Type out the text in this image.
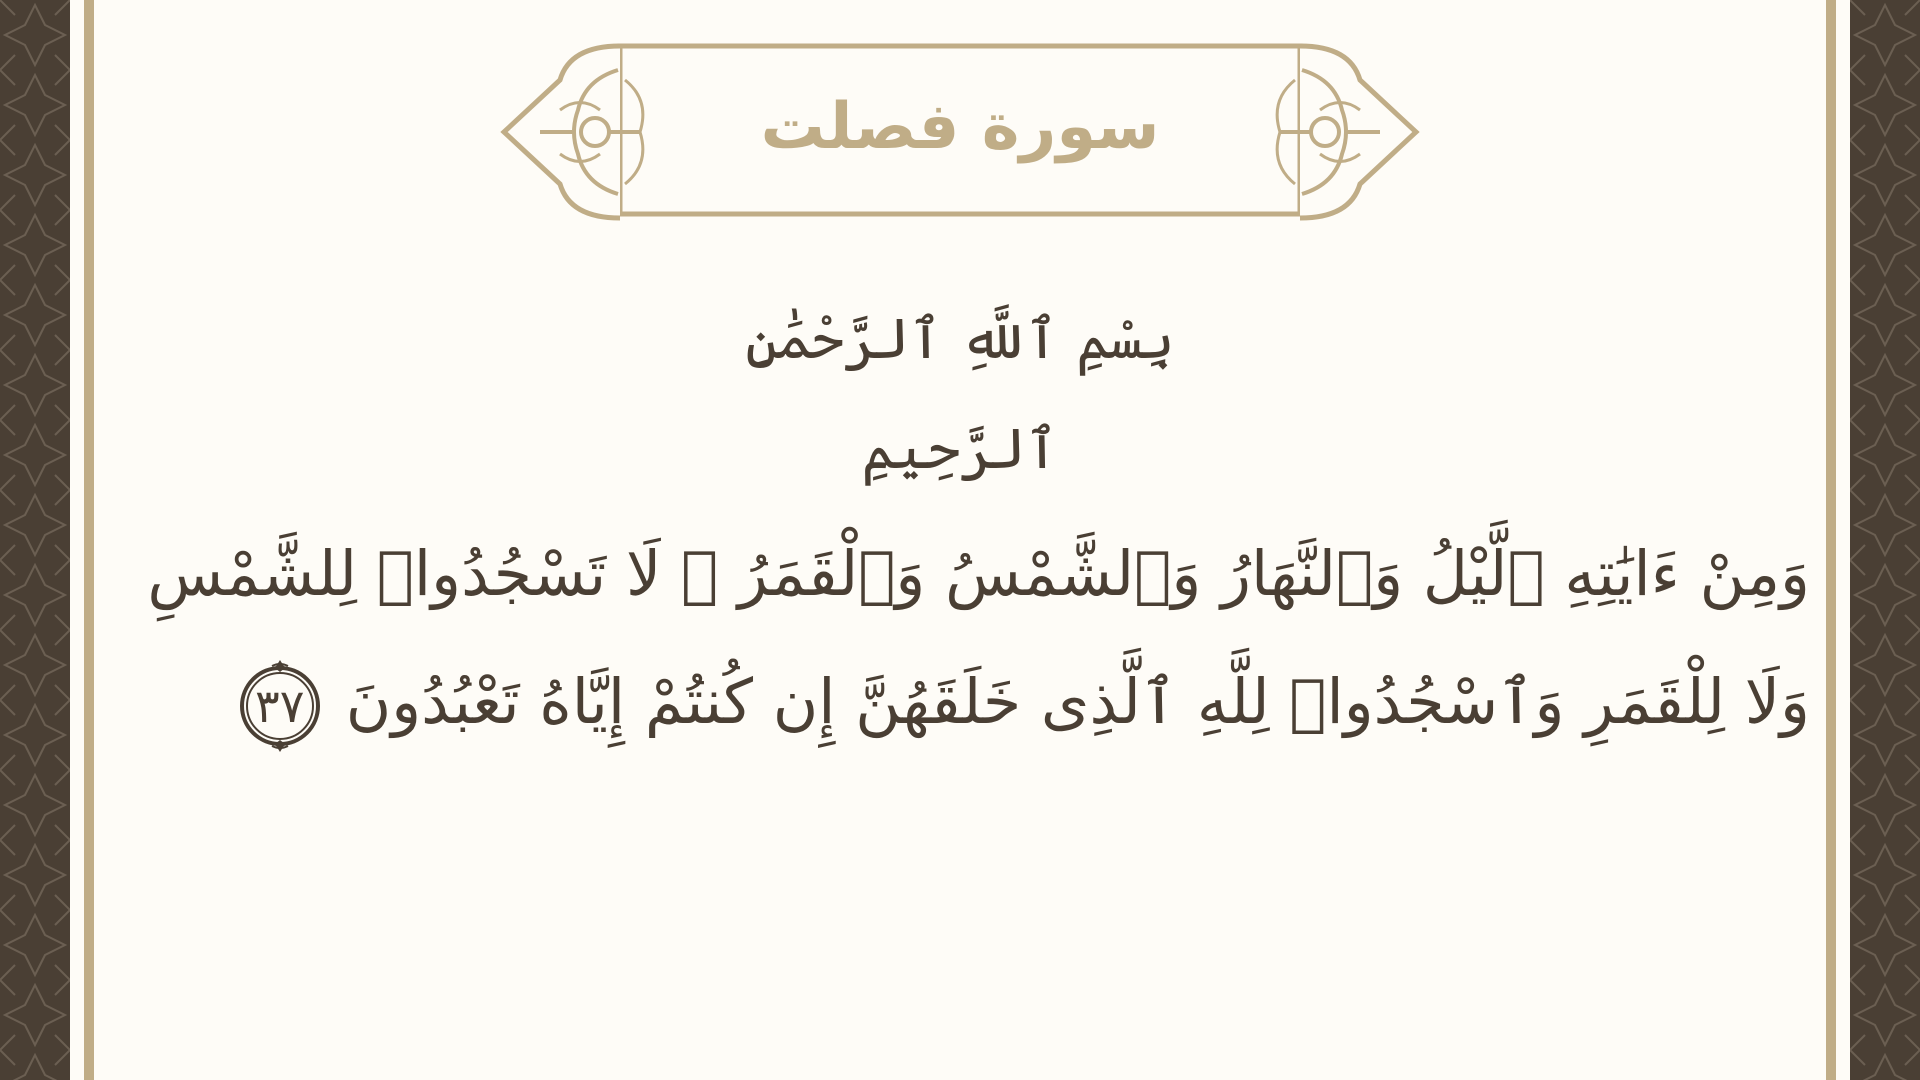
سورة فصلت
بِسْمِ ٱللَّهِ ٱلرَّحْمَٰنِ ٱلرَّحِيمِ
وَمِنْ ءَايَٰتِهِ ٱلَّيْلُ وَٱلنَّهَارُ وَٱلشَّمْسُ وَٱلْقَمَرُ ۚ لَا تَسْجُدُوا۟ لِلشَّمْسِ
وَلَا لِلْقَمَرِ وَٱسْجُدُوا۟ لِلَّهِ ٱلَّذِى خَلَقَهُنَّ إِن كُنتُمْ إِيَّاهُ تَعْبُدُونَ
٣٧
